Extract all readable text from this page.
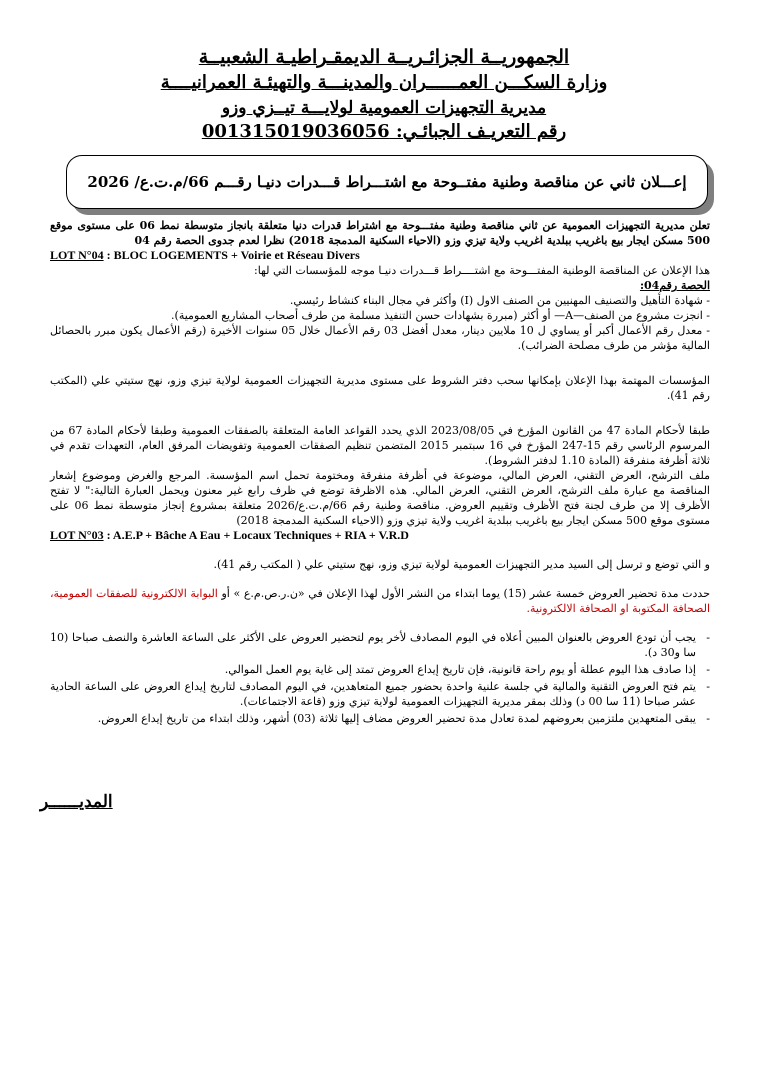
الجمهوريــة الجزائـريــة الديمقـراطيـة الشعبيــة
وزارة السكـــن العمــــــران والمدينـــة والتهيئـة العمرانيــــة
مديرية التجهيزات العمومية لولايـــة تيــزي وزو
رقم التعريـف الجبائـي: 001315019036056
إعـــلان ثاني عن مناقصة وطنية مفتــوحة مع اشتـــراط قـــدرات دنيـا رقـــم 66/م.ت.ع/ 2026

تعلن مديرية التجهيزات العمومية عن ثاني مناقصة وطنية مفتـــوحة مع اشتراط قدرات دنيا متعلقة بانجاز متوسطة نمط 06 على مستوى موقع 500 مسكن ايجار بيع باغريب ببلدية اغريب ولاية تيزي وزو (الاحياء السكنية المدمجة 2018) نظرا لعدم جدوى الحصة رقم 04

LOT N°04 : BLOC LOGEMENTS + Voirie et Réseau Divers

هذا الإعلان عن المناقصة الوطنية المفتـــوحة مع اشتــــراط قـــدرات دنيـا موجه للمؤسسات التي لها:

الحصة رقم04:

- شهادة التأهيل والتصنيف المهنيين من الصنف الاول (I) وأكثر في مجال البناء كنشاط رئيسي.

- انجزت مشروع من الصنف—A— أو أكثر (مبررة بشهادات حسن التنفيذ مسلمة من طرف أصحاب المشاريع العمومية).

- معدل رقم الأعمال أكبر أو يساوي ل 10 ملايين دينار، معدل أفضل 03 رقم الأعمال خلال 05 سنوات الأخيرة (رقم الأعمال يكون مبرر بالحصائل المالية مؤشر من طرف مصلحة الضرائب).

المؤسسات المهتمة بهذا الإعلان بإمكانها سحب دفتر الشروط على مستوى مديرية التجهيزات العمومية لولاية تيزي وزو، نهج ستيتي علي (المكتب رقم 41).

طبقا لأحكام المادة 47 من القانون المؤرخ في 2023/08/05 الذي يحدد القواعد العامة المتعلقة بالصفقات العمومية وطبقا لأحكام المادة 67 من المرسوم الرئاسي رقم 15-247 المؤرخ في 16 سبتمبر 2015 المتضمن تنظيم الصفقات العمومية وتفويضات المرفق العام، التعهدات تقدم في ثلاثة أظرفة منفرقة (المادة 1.10 لدفتر الشروط).

ملف الترشح، العرض التقني، العرض المالي، موضوعة في أظرفة منفرقة ومختومة تحمل اسم المؤسسة. المرجع والغرض وموضوع إشعار المناقصة مع عبارة ملف الترشح، العرض التقني، العرض المالي. هذه الاظرفة توضع في ظرف رابع غير معنون ويحمل العبارة التالية:" لا تفتح الأظرف إلا من طرف لجنة فتح الأظرف وتقييم العروض. مناقصة وطنية رقم 66/م.ت.ع/2026 متعلقة بمشروع إنجاز متوسطة نمط 06 على مستوى موقع 500 مسكن ايجار بيع باغريب ببلدية اغريب ولاية تيزي وزو (الاحياء السكنية المدمجة 2018)

LOT N°03 : A.E.P + Bâche A Eau + Locaux Techniques + RIA + V.R.D

و التي توضع و ترسل إلى السيد مدير التجهيزات العمومية لولاية تيزي وزو، نهج ستيتي علي ( المكتب رقم 41).

حددت مدة تحضير العروض خمسة عشر (15) يوما ابتداء من النشر الأول لهذا الإعلان في «ن.ر.ص.م.ع » أو البوابة الالكترونية للصفقات العمومية، الصحافة المكتوبة او الصحافة الالكترونية.

- يجب أن تودع العروض بالعنوان المبين أعلاه في اليوم المصادف لأخر يوم لتحضير العروض على الأكثر على الساعة العاشرة والنصف صباحا (10 سا و30 د).
- إذا صادف هذا اليوم عطلة أو يوم راحة قانونية، فإن تاريخ إيداع العروض تمتد إلى غاية يوم العمل الموالي.
- يتم فتح العروض التقنية والمالية في جلسة علنية واحدة بحضور جميع المتعاهدين، في اليوم المصادف لتاريخ إيداع العروض على الساعة الحادية عشر صباحا (11 سا 00 د) وذلك بمقر مديرية التجهيزات العمومية لولاية تيزي وزو (قاعة الاجتماعات).
- يبقى المتعهدين ملتزمين بعروضهم لمدة تعادل مدة تحضير العروض مضاف إليها ثلاثة (03) أشهر، وذلك ابتداء من تاريخ إيداع العروض.
المديــــــر
